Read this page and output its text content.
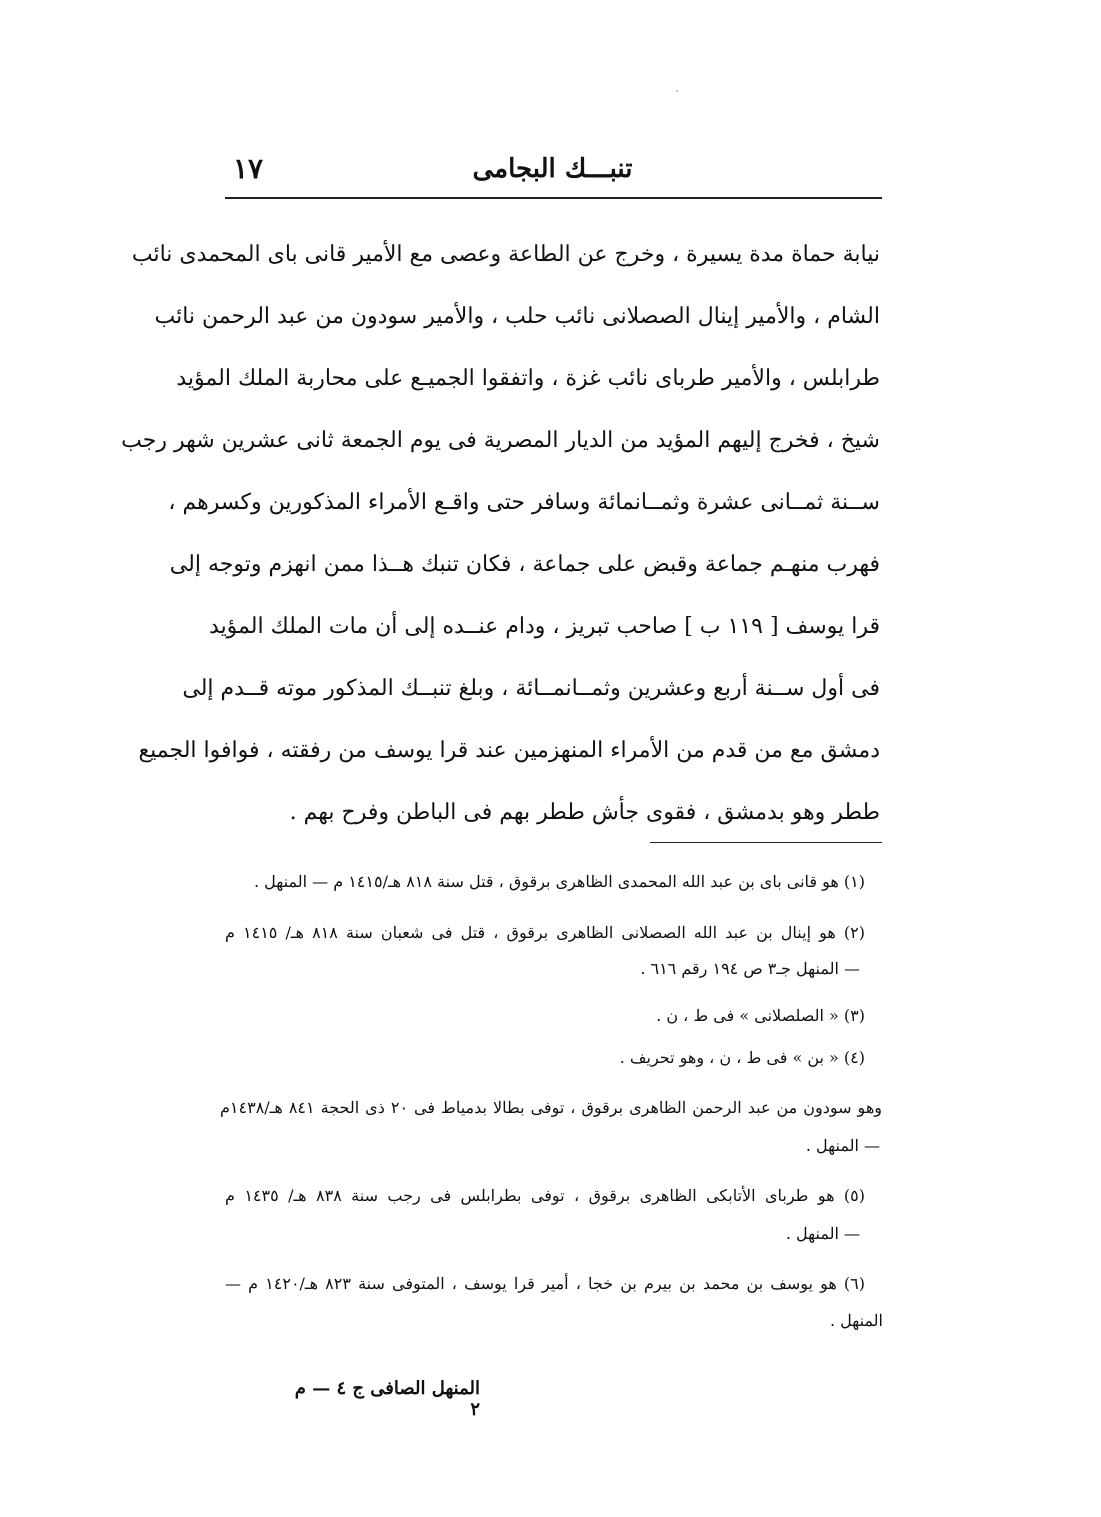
١٧	تنبـــك البجامى
نيابة حماة مدة يسيرة ، وخرج عن الطاعة وعصى مع الأمير قانى باى المحمدى نائب
الشام ، والأمير إينال الصصلانى نائب حلب ، والأمير سودون من عبد الرحمن نائب
طرابلس ، والأمير طرباى نائب غزة ، واتفقوا الجميـع على محاربة الملك المؤيد
شيخ ، فخرج إليهم المؤيد من الديار المصرية فى يوم الجمعة ثانى عشرين شهر رجب
ســنة ثمــانى عشرة وثمــانمائة وسافر حتى واقـع الأمراء المذكورين وكسرهم ،
فهرب منهـم جماعة وقبض على جماعة ، فكان تنبك هــذا ممن انهزم وتوجه إلى
قرا يوسف [ ١١٩ ب ] صاحب تبريز ، ودام عنــده إلى أن مات الملك المؤيد
فى أول ســنة أربع وعشرين وثمــانمــائة ، وبلغ تنبــك المذكور موته قــدم إلى
دمشق مع من قدم من الأمراء المنهزمين عند قرا يوسف من رفقته ، فوافوا الجميع
ططر وهو بدمشق ، فقوى جأش ططر بهم فى الباطن وفرح بهم .
(١) هو قانى باى بن عبد الله المحمدى الظاهرى برقوق ، قتل سنة ٨١٨ هـ/١٤١٥ م — المنهل .
(٢) هو إينال بن عبد الله الصصلانى الظاهرى برقوق ، قتل فى شعبان سنة ٨١٨ هـ/ ١٤١٥ م
— المنهل جـ٣ ص ١٩٤ رقم ٦١٦ .
(٣) « الصلصلانى » فى ط ، ن .
(٤) « بن » فى ط ، ن ، وهو تحريف .
وهو سودون من عبد الرحمن الظاهرى برقوق ، توفى بطالا بدمياط فى ٢٠ ذى الحجة ٨٤١ هـ/١٤٣٨م
— المنهل .
(٥) هو طرباى الأتابكى الظاهرى برقوق ، توفى بطرابلس فى رجب سنة ٨٣٨ هـ/ ١٤٣٥ م
— المنهل .
(٦) هو يوسف بن محمد بن بيرم بن خجا ، أمير قرا يوسف ، المتوفى سنة ٨٢٣ هـ/١٤٢٠ م —
المنهل .
المنهل الصافى ج ٤ — م ٢
